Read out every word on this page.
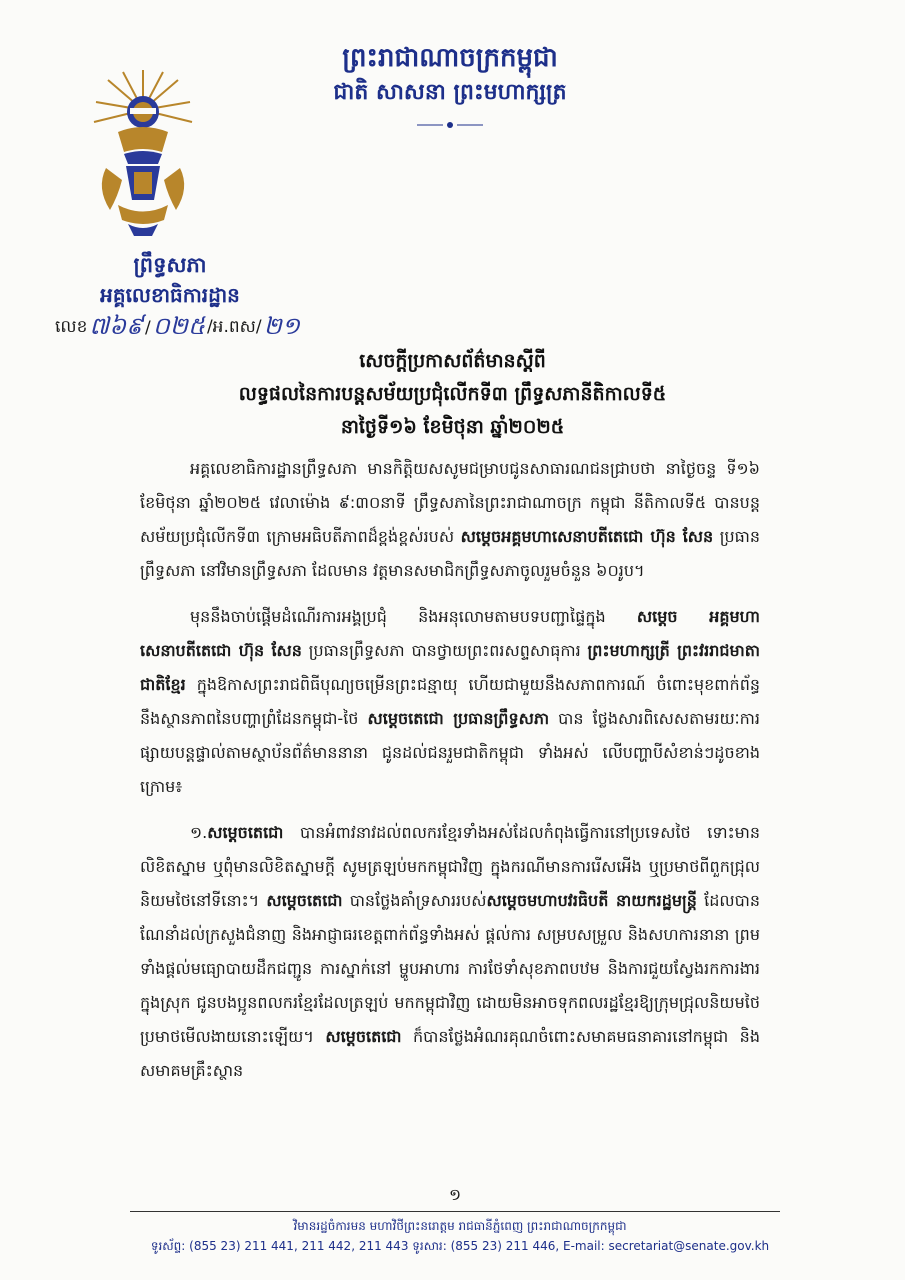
ព្រះរាជាណាចក្រកម្ពុជា
ជាតិ សាសនា ព្រះមហាក្សត្រ
ព្រឹទ្ធសភា
អគ្គលេខាធិការដ្ឋាន
លេខ ៧៦៩ / ០២៥ /អ.ពស/ ២១
សេចក្តីប្រកាសព័ត៌មានស្តីពី
លទ្ធផលនៃការបន្តសម័យប្រជុំលើកទី៣ ព្រឹទ្ធសភានីតិកាលទី៥
នាថ្ងៃទី១៦ ខែមិថុនា ឆ្នាំ២០២៥

អគ្គលេខាធិការដ្ឋានព្រឹទ្ធសភា មានកិត្តិយសសូមជម្រាបជូនសាធារណជនជ្រាបថា នាថ្ងៃចន្ទ ទី១៦ ខែមិថុនា ឆ្នាំ២០២៥ វេលាម៉ោង ៩:៣០នាទី ព្រឹទ្ធសភានៃព្រះរាជាណាចក្រ កម្ពុជា នីតិកាលទី៥ បានបន្តសម័យប្រជុំលើកទី៣ ក្រោមអធិបតីភាពដ៏ខ្ពង់ខ្ពស់របស់ សម្តេចអគ្គមហាសេនាបតីតេជោ ហ៊ុន សែន ប្រធានព្រឹទ្ធសភា នៅវិមានព្រឹទ្ធសភា ដែលមាន វត្តមានសមាជិកព្រឹទ្ធសភាចូលរួមចំនួន ៦០រូប។

មុននឹងចាប់ផ្តើមដំណើរការអង្គប្រជុំ និងអនុលោមតាមបទបញ្ជាផ្ទៃក្នុង សម្តេច អគ្គមហាសេនាបតីតេជោ ហ៊ុន សែន ប្រធានព្រឹទ្ធសភា បានថ្វាយព្រះពរសព្ទសាធុការ ព្រះមហាក្សត្រី ព្រះវររាជមាតាជាតិខ្មែរ ក្នុងឱកាសព្រះរាជពិធីបុណ្យចម្រើនព្រះជន្មាយុ ហើយជាមួយនឹងសភាពការណ៍ ចំពោះមុខពាក់ព័ន្ធនឹងស្ថានភាពនៃបញ្ហាព្រំដែនកម្ពុជា-ថៃ សម្តេចតេជោ ប្រធានព្រឹទ្ធសភា បាន ថ្លែងសារពិសេសតាមរយៈការផ្សាយបន្តផ្ទាល់តាមស្ថាប័នព័ត៌មាននានា ជូនដល់ជនរួមជាតិកម្ពុជា ទាំងអស់ លើបញ្ហាបីសំខាន់ៗដូចខាងក្រោម៖

១.សម្តេចតេជោ បានអំពាវនាវដល់ពលករខ្មែរទាំងអស់ដែលកំពុងធ្វើការនៅប្រទេសថៃ ទោះមានលិខិតស្នាម ឬពុំមានលិខិតស្នាមក្តី សូមត្រឡប់មកកម្ពុជាវិញ ក្នុងករណីមានការរើសអើង ឬប្រមាថពីពួកជ្រុលនិយមថៃនៅទីនោះ។ សម្តេចតេជោ បានថ្លែងគាំទ្រសាររបស់សម្តេចមហាបវរធិបតី នាយករដ្ឋមន្ត្រី ដែលបានណែនាំដល់ក្រសួងជំនាញ និងអាជ្ញាធរខេត្តពាក់ព័ន្ធទាំងអស់ ផ្តល់ការ សម្របសម្រួល និងសហការនានា ព្រមទាំងផ្តល់មធ្យោបាយដឹកជញ្ជូន ការស្នាក់នៅ ម្ហូបអាហារ ការថែទាំសុខភាពបឋម និងការជួយស្វែងរកការងារក្នុងស្រុក ជូនបងប្អូនពលករខ្មែរដែលត្រឡប់ មកកម្ពុជាវិញ ដោយមិនអាចទុកពលរដ្ឋខ្មែរឱ្យក្រុមជ្រុលនិយមថៃប្រមាថមើលងាយនោះឡើយ។ សម្តេចតេជោ ក៏បានថ្លែងអំណរគុណចំពោះសមាគមធនាគារនៅកម្ពុជា និងសមាគមគ្រឹះស្ថាន

១
វិមានរដ្ឋចំការមន មហាវិថីព្រះនរោត្តម រាជធានីភ្នំពេញ ព្រះរាជាណាចក្រកម្ពុជា
ទូរស័ព្ទ: (855 23) 211 441, 211 442, 211 443 ទូរសារ: (855 23) 211 446, E-mail: secretariat@senate.gov.kh
